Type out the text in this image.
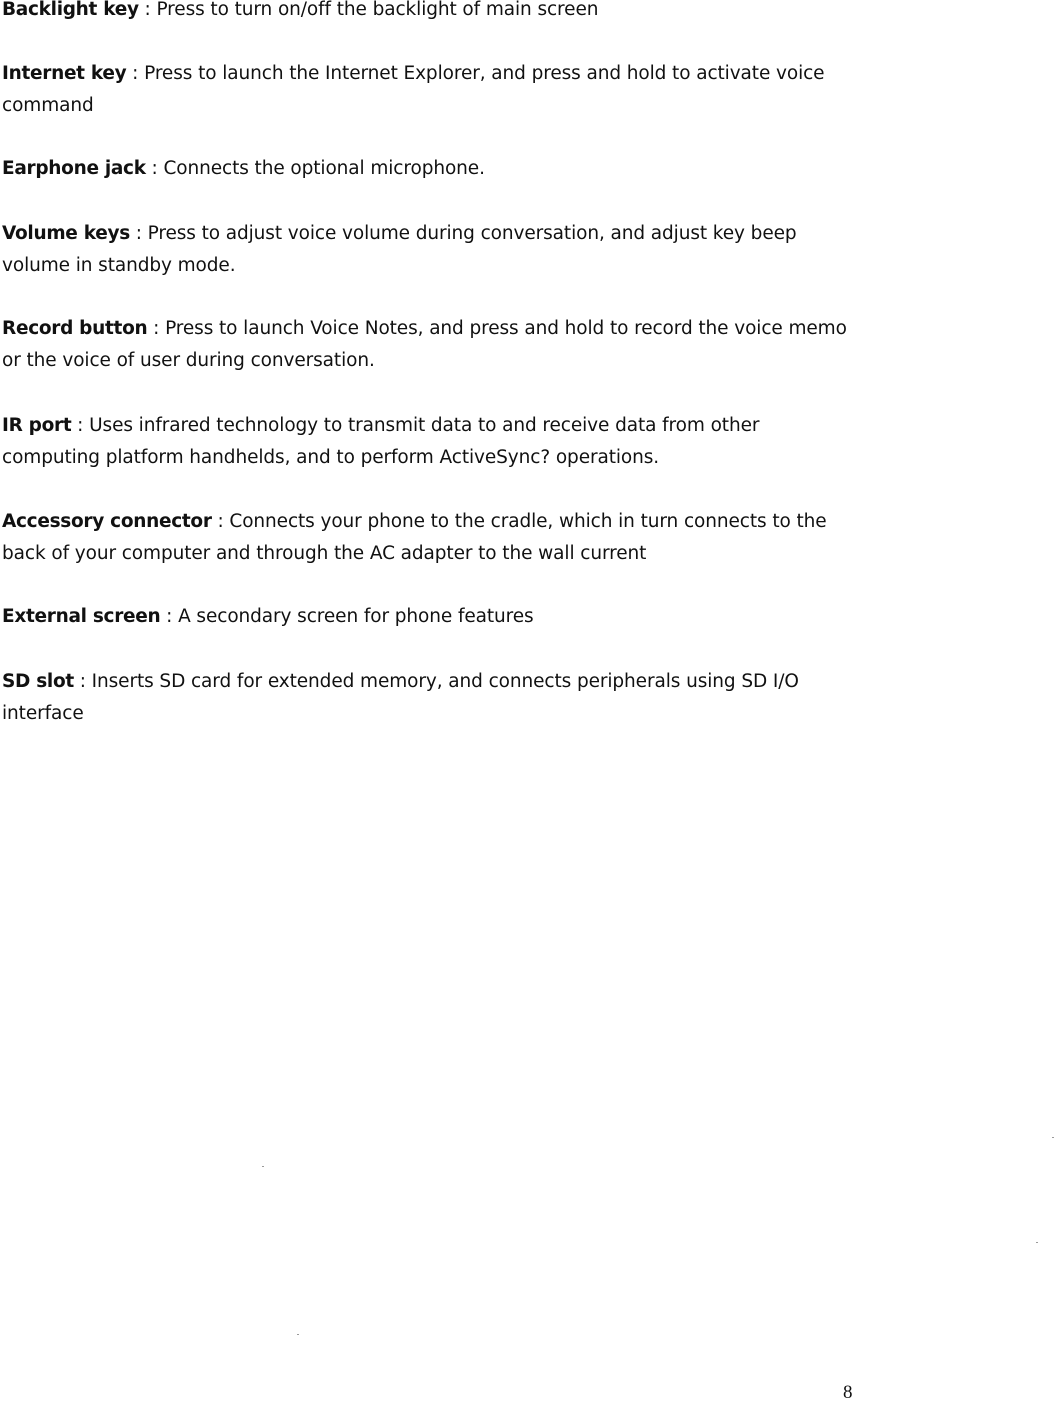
Backlight key : Press to turn on/off the backlight of main screen

Internet key : Press to launch the Internet Explorer, and press and hold to activate voice command

Earphone jack : Connects the optional microphone.

Volume keys : Press to adjust voice volume during conversation, and adjust key beep volume in standby mode.

Record button : Press to launch Voice Notes, and press and hold to record the voice memo or the voice of user during conversation.

IR port : Uses infrared technology to transmit data to and receive data from other computing platform handhelds, and to perform ActiveSync? operations.

Accessory connector : Connects your phone to the cradle, which in turn connects to the back of your computer and through the AC adapter to the wall current

External screen : A secondary screen for phone features

SD slot : Inserts SD card for extended memory, and connects peripherals using SD I/O interface

8
